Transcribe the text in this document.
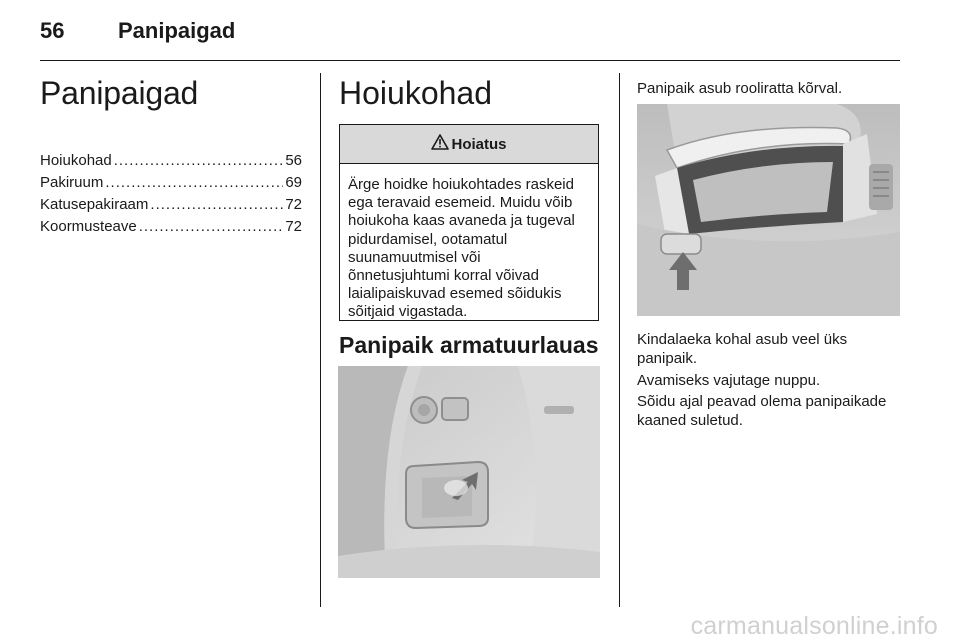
56 Panipaigad
Panipaigad
Hoiukohad .....	56
Pakiruum .....	69
Katusepakiraam .....	72
Koormusteave .....	72
Hoiukohad
Hoiatus
Ärge hoidke hoiukohtades raskeid
ega teravaid esemeid. Muidu võib
hoiukoha kaas avaneda ja tugeval
pidurdamisel, ootamatul
suunamuutmisel või
õnnetusjuhtumi korral võivad
laialipaiskuvad esemed sõidukis
sõitjaid vigastada.
Panipaik armatuurlauas
Panipaik asub rooliratta kõrval.
Kindalaeka kohal asub veel üks
panipaik.
Avamiseks vajutage nuppu.
Sõidu ajal peavad olema panipaikade
kaaned suletud.
carmanualsonline.info
